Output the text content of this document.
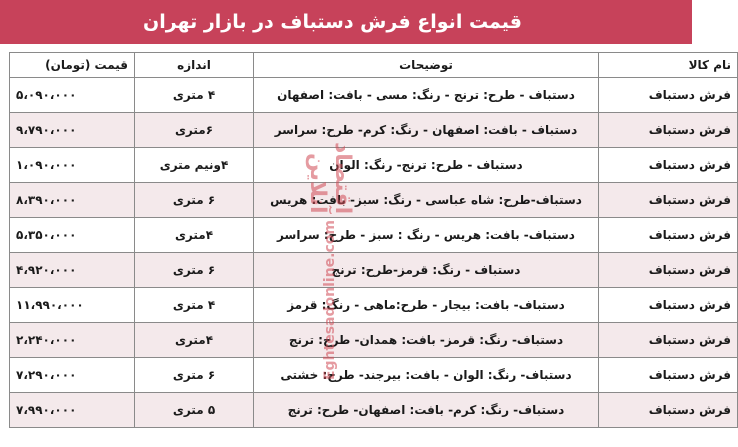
قیمت انواع فرش دستباف در بازار تهران
نام کالا	توضیحات	اندازه	قیمت (تومان)
فرش دستباف	دستباف - طرح: ترنج - رنگ: مسی - بافت: اصفهان	۴ متری	۵،۰۹۰،۰۰۰
فرش دستباف	دستباف - بافت: اصفهان - رنگ: کرم- طرح: سراسر	۶متری	۹،۷۹۰،۰۰۰
فرش دستباف	دستباف - طرح: ترنج- رنگ: الوان	۴ونیم متری	۱،۰۹۰،۰۰۰
فرش دستباف	دستباف-طرح: شاه عباسی - رنگ: سبز- بافت: هریس	۶ متری	۸،۳۹۰،۰۰۰
فرش دستباف	دستباف- بافت: هریس - رنگ : سبز - طرح: سراسر	۴متری	۵،۳۵۰،۰۰۰
فرش دستباف	دستباف - رنگ: قرمز-طرح: ترنج	۶ متری	۴،۹۲۰،۰۰۰
فرش دستباف	دستباف- بافت: بیجار - طرح:ماهی - رنگ: قرمز	۴ متری	۱۱،۹۹۰،۰۰۰
فرش دستباف	دستباف- رنگ: قرمز- بافت: همدان- طرح: ترنج	۴متری	۲،۲۴۰،۰۰۰
فرش دستباف	دستباف- رنگ: الوان - بافت: بیرجند- طرح: خشتی	۶ متری	۷،۲۹۰،۰۰۰
فرش دستباف	دستباف- رنگ: کرم- بافت: اصفهان- طرح: ترنج	۵ متری	۷،۹۹۰،۰۰۰
اقتصاد آنلاین
Eghtesadonline.com
